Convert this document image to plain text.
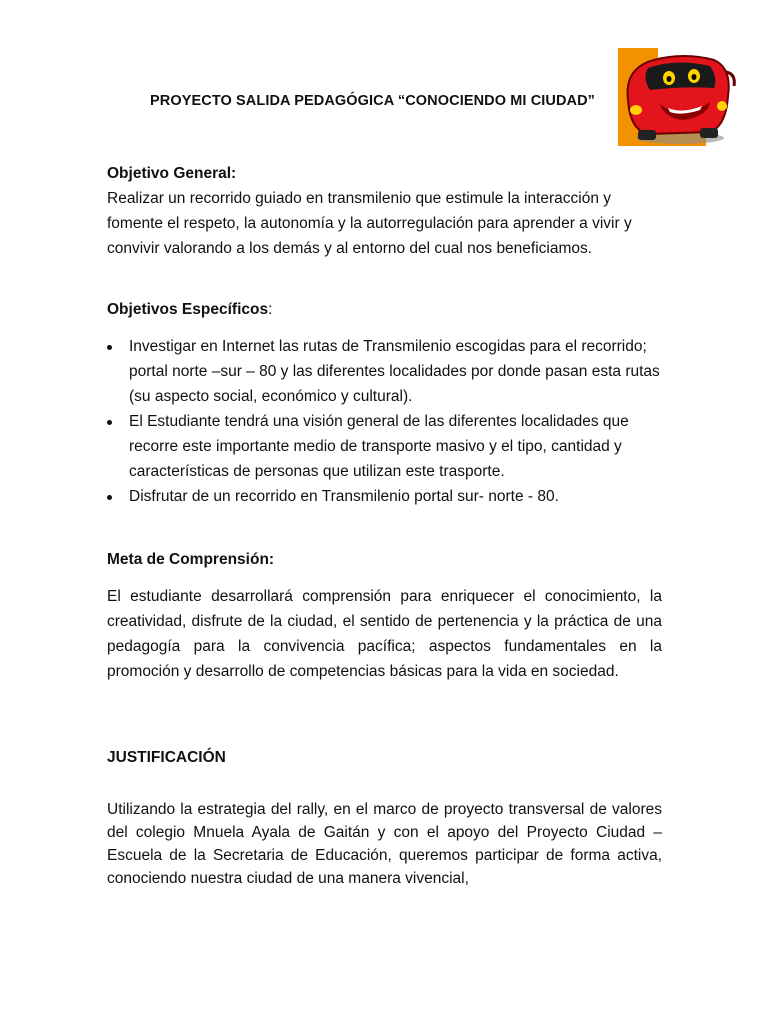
PROYECTO SALIDA PEDAGÓGICA “CONOCIENDO MI CIUDAD”
Objetivo General:

Realizar un recorrido guiado en transmilenio que estimule la interacción y fomente el respeto, la autonomía y la autorregulación para aprender a vivir y convivir valorando a los demás y al entorno del cual nos beneficiamos.

Objetivos Específicos:
Investigar en Internet las rutas de Transmilenio escogidas para el recorrido; portal norte –sur – 80 y las diferentes localidades por donde pasan esta rutas (su aspecto social, económico y cultural).
El Estudiante tendrá una visión general de las diferentes localidades que recorre este importante medio de transporte masivo y el tipo, cantidad y características de personas que utilizan este trasporte.
Disfrutar de un recorrido en Transmilenio portal sur- norte - 80.
Meta de Comprensión:

El estudiante desarrollará comprensión para enriquecer el conocimiento, la creatividad, disfrute de la ciudad, el sentido de pertenencia y la práctica de una pedagogía para la convivencia pacífica; aspectos fundamentales en la promoción y desarrollo de competencias básicas para la vida en sociedad.

JUSTIFICACIÓN

Utilizando la estrategia del rally, en el marco de proyecto transversal de valores del colegio Mnuela Ayala de Gaitán y con el apoyo del Proyecto Ciudad – Escuela de la Secretaria de Educación, queremos participar de forma activa, conociendo nuestra ciudad de una manera vivencial,
